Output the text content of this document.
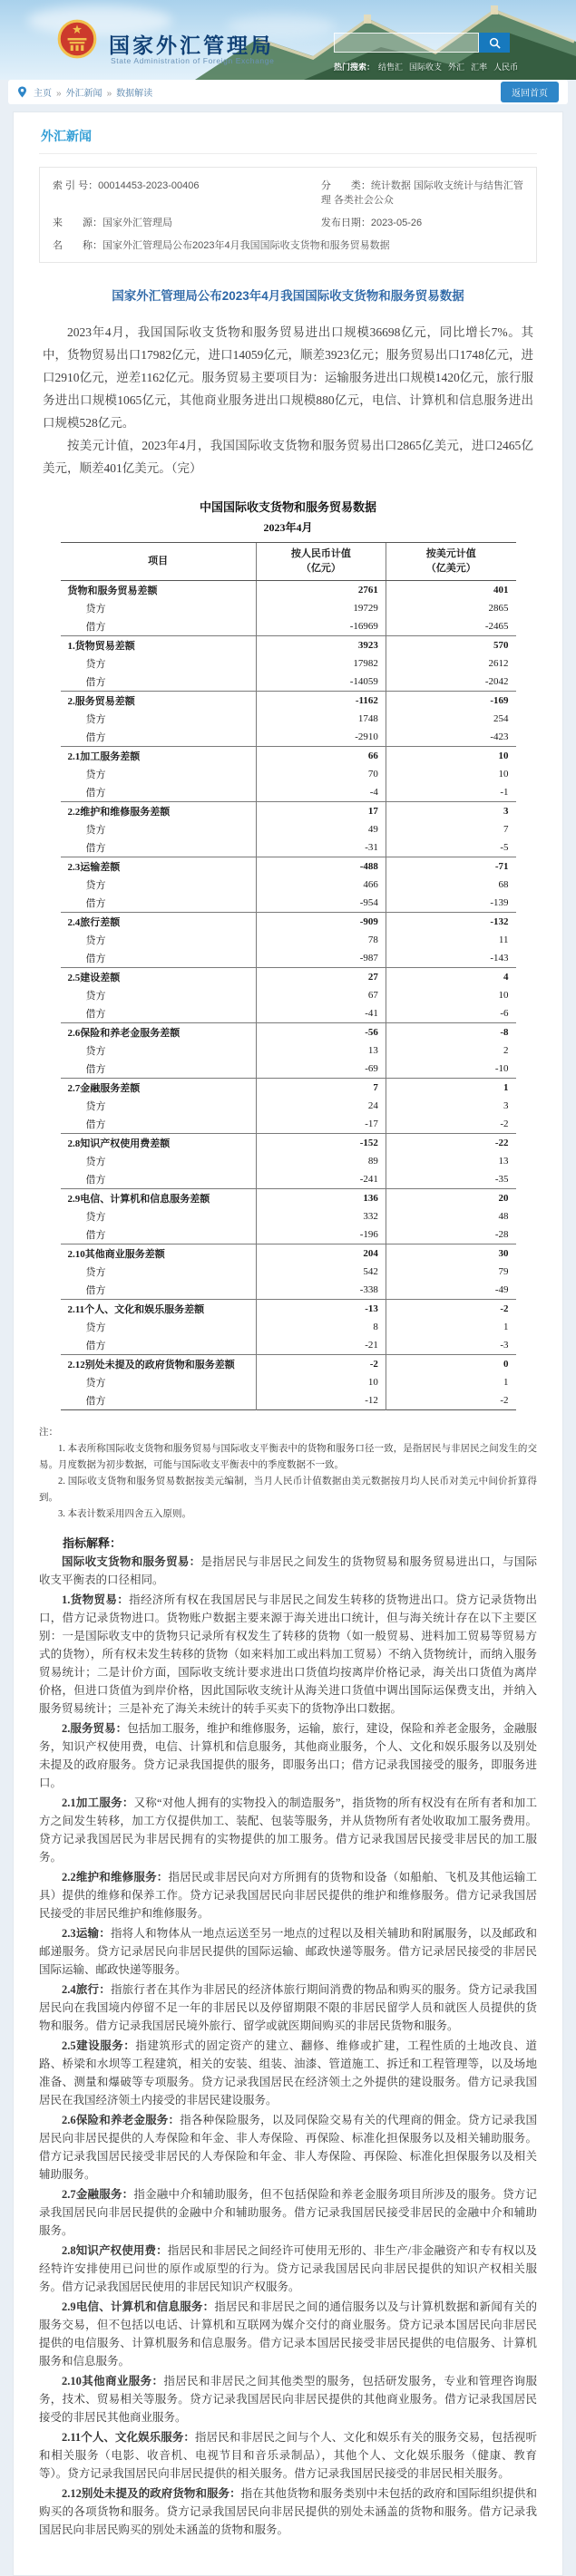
国家外汇管理局
State Administration of Foreign Exchange
热门搜索： 结售汇 国际收支 外汇 汇率 人民币
主页 » 外汇新闻 » 数据解读	返回首页
外汇新闻
索 引 号：00014453-2023-00406	分　　类：统计数据 国际收支统计与结售汇管理 各类社会公众
来　　源：国家外汇管理局	发布日期：2023-05-26
名　　称：国家外汇管理局公布2023年4月我国国际收支货物和服务贸易数据
国家外汇管理局公布2023年4月我国国际收支货物和服务贸易数据

2023年4月，我国国际收支货物和服务贸易进出口规模36698亿元，同比增长7%。其中，货物贸易出口17982亿元，进口14059亿元，顺差3923亿元；服务贸易出口1748亿元，进口2910亿元，逆差1162亿元。服务贸易主要项目为：运输服务进出口规模1420亿元，旅行服务进出口规模1065亿元，其他商业服务进出口规模880亿元，电信、计算机和信息服务进出口规模528亿元。

按美元计值，2023年4月，我国国际收支货物和服务贸易出口2865亿美元，进口2465亿美元，顺差401亿美元。（完）

中国国际收支货物和服务贸易数据
2023年4月
项目	
按人民币计值
（亿元）

按美元计值
（亿美元）

货物和服务贸易差额	2761	401
贷方	19729	2865
借方	-16969	-2465
1.货物贸易差额	3923	570
贷方	17982	2612
借方	-14059	-2042
2.服务贸易差额	-1162	-169
贷方	1748	254
借方	-2910	-423
2.1加工服务差额	66	10
贷方	70	10
借方	-4	-1
2.2维护和维修服务差额	17	3
贷方	49	7
借方	-31	-5
2.3运输差额	-488	-71
贷方	466	68
借方	-954	-139
2.4旅行差额	-909	-132
贷方	78	11
借方	-987	-143
2.5建设差额	27	4
贷方	67	10
借方	-41	-6
2.6保险和养老金服务差额	-56	-8
贷方	13	2
借方	-69	-10
2.7金融服务差额	7	1
贷方	24	3
借方	-17	-2
2.8知识产权使用费差额	-152	-22
贷方	89	13
借方	-241	-35
2.9电信、计算机和信息服务差额	136	20
贷方	332	48
借方	-196	-28
2.10其他商业服务差额	204	30
贷方	542	79
借方	-338	-49
2.11个人、文化和娱乐服务差额	-13	-2
贷方	8	1
借方	-21	-3
2.12别处未提及的政府货物和服务差额	-2	0
贷方	10	1
借方	-12	-2

注：

1. 本表所称国际收支货物和服务贸易与国际收支平衡表中的货物和服务口径一致，是指居民与非居民之间发生的交易。月度数据为初步数据，可能与国际收支平衡表中的季度数据不一致。

2. 国际收支货物和服务贸易数据按美元编制，当月人民币计值数据由美元数据按月均人民币对美元中间价折算得到。

3. 本表计数采用四舍五入原则。

指标解释：

国际收支货物和服务贸易：是指居民与非居民之间发生的货物贸易和服务贸易进出口，与国际收支平衡表的口径相同。

1.货物贸易：指经济所有权在我国居民与非居民之间发生转移的货物进出口。贷方记录货物出口，借方记录货物进口。货物账户数据主要来源于海关进出口统计，但与海关统计存在以下主要区别：一是国际收支中的货物只记录所有权发生了转移的货物（如一般贸易、进料加工贸易等贸易方式的货物），所有权未发生转移的货物（如来料加工或出料加工贸易）不纳入货物统计，而纳入服务贸易统计；二是计价方面，国际收支统计要求进出口货值均按离岸价格记录，海关出口货值为离岸价格，但进口货值为到岸价格，因此国际收支统计从海关进口货值中调出国际运保费支出，并纳入服务贸易统计；三是补充了海关未统计的转手买卖下的货物净出口数据。

2.服务贸易：包括加工服务，维护和维修服务，运输，旅行，建设，保险和养老金服务，金融服务，知识产权使用费，电信、计算机和信息服务，其他商业服务，个人、文化和娱乐服务以及别处未提及的政府服务。贷方记录我国提供的服务，即服务出口；借方记录我国接受的服务，即服务进口。

2.1加工服务：又称“对他人拥有的实物投入的制造服务”，指货物的所有权没有在所有者和加工方之间发生转移，加工方仅提供加工、装配、包装等服务，并从货物所有者处收取加工服务费用。贷方记录我国居民为非居民拥有的实物提供的加工服务。借方记录我国居民接受非居民的加工服务。

2.2维护和维修服务：指居民或非居民向对方所拥有的货物和设备（如船舶、飞机及其他运输工具）提供的维修和保养工作。贷方记录我国居民向非居民提供的维护和维修服务。借方记录我国居民接受的非居民维护和维修服务。

2.3运输：指将人和物体从一地点运送至另一地点的过程以及相关辅助和附属服务，以及邮政和邮递服务。贷方记录居民向非居民提供的国际运输、邮政快递等服务。借方记录居民接受的非居民国际运输、邮政快递等服务。

2.4旅行：指旅行者在其作为非居民的经济体旅行期间消费的物品和购买的服务。贷方记录我国居民向在我国境内停留不足一年的非居民以及停留期限不限的非居民留学人员和就医人员提供的货物和服务。借方记录我国居民境外旅行、留学或就医期间购买的非居民货物和服务。

2.5建设服务：指建筑形式的固定资产的建立、翻修、维修或扩建，工程性质的土地改良、道路、桥梁和水坝等工程建筑，相关的安装、组装、油漆、管道施工、拆迁和工程管理等，以及场地准备、测量和爆破等专项服务。贷方记录我国居民在经济领土之外提供的建设服务。借方记录我国居民在我国经济领土内接受的非居民建设服务。

2.6保险和养老金服务：指各种保险服务，以及同保险交易有关的代理商的佣金。贷方记录我国居民向非居民提供的人寿保险和年金、非人寿保险、再保险、标准化担保服务以及相关辅助服务。借方记录我国居民接受非居民的人寿保险和年金、非人寿保险、再保险、标准化担保服务以及相关辅助服务。

2.7金融服务：指金融中介和辅助服务，但不包括保险和养老金服务项目所涉及的服务。贷方记录我国居民向非居民提供的金融中介和辅助服务。借方记录我国居民接受非居民的金融中介和辅助服务。

2.8知识产权使用费：指居民和非居民之间经许可使用无形的、非生产/非金融资产和专有权以及经特许安排使用已问世的原作或原型的行为。贷方记录我国居民向非居民提供的知识产权相关服务。借方记录我国居民使用的非居民知识产权服务。

2.9电信、计算机和信息服务：指居民和非居民之间的通信服务以及与计算机数据和新闻有关的服务交易，但不包括以电话、计算机和互联网为媒介交付的商业服务。贷方记录本国居民向非居民提供的电信服务、计算机服务和信息服务。借方记录本国居民接受非居民提供的电信服务、计算机服务和信息服务。

2.10其他商业服务：指居民和非居民之间其他类型的服务，包括研发服务，专业和管理咨询服务，技术、贸易相关等服务。贷方记录我国居民向非居民提供的其他商业服务。借方记录我国居民接受的非居民其他商业服务。

2.11个人、文化娱乐服务：指居民和非居民之间与个人、文化和娱乐有关的服务交易，包括视听和相关服务（电影、收音机、电视节目和音乐录制品），其他个人、文化娱乐服务（健康、教育等）。贷方记录我国居民向非居民提供的相关服务。借方记录我国居民接受的非居民相关服务。

2.12别处未提及的政府货物和服务：指在其他货物和服务类别中未包括的政府和国际组织提供和购买的各项货物和服务。贷方记录我国居民向非居民提供的别处未涵盖的货物和服务。借方记录我国居民向非居民购买的别处未涵盖的货物和服务。
